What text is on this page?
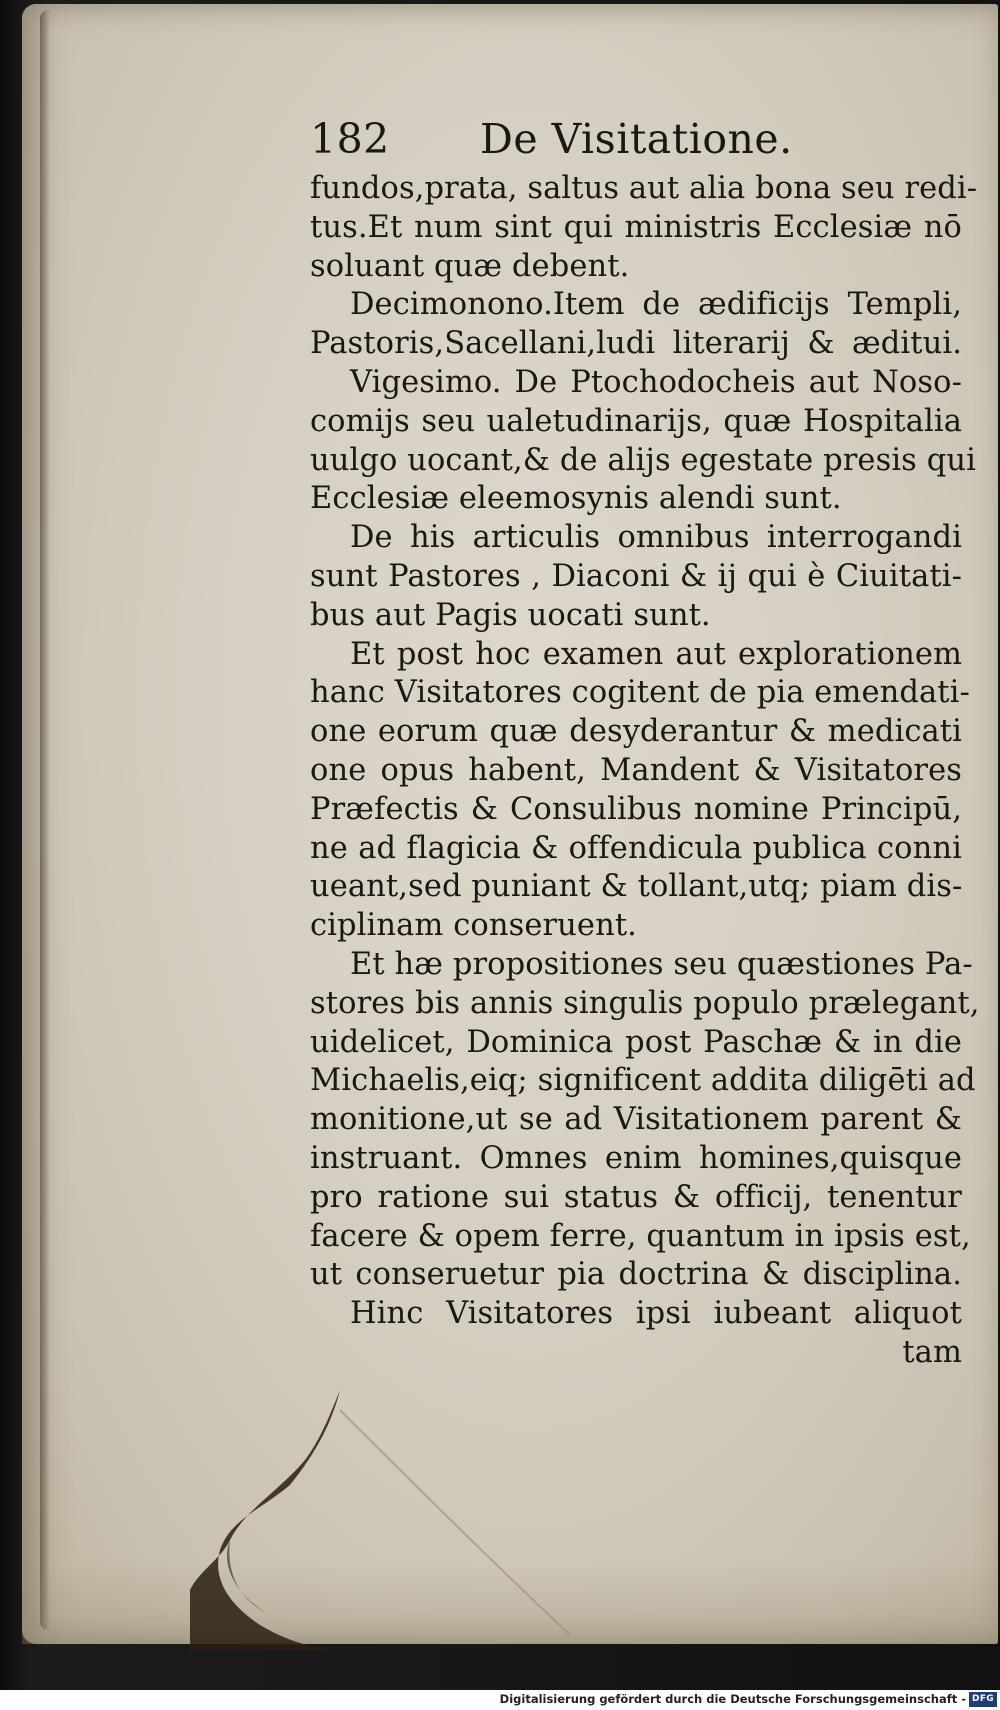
182 De Visitatione.
fundos,prata, saltus aut alia bona seu redi-
tus.Et num sint qui ministris Ecclesiæ nō
soluant quæ debent.
Decimonono.Item de ædificijs Templi,
Pastoris,Sacellani,ludi literarij & æditui.
Vigesimo. De Ptochodocheis aut Noso-
comijs seu ualetudinarijs, quæ Hospitalia
uulgo uocant,& de alijs egestate presis qui
Ecclesiæ eleemosynis alendi sunt.
De his articulis omnibus interrogandi
sunt Pastores , Diaconi & ij qui è Ciuitati-
bus aut Pagis uocati sunt.
Et post hoc examen aut explorationem
hanc Visitatores cogitent de pia emendati-
one eorum quæ desyderantur & medicati
one opus habent, Mandent & Visitatores
Præfectis & Consulibus nomine Principū,
ne ad flagicia & offendicula publica conni
ueant,sed puniant & tollant,utq; piam dis-
ciplinam conseruent.
Et hæ propositiones seu quæstiones Pa-
stores bis annis singulis populo prælegant,
uidelicet, Dominica post Paschæ & in die
Michaelis,eiq; significent addita diligēti ad
monitione,ut se ad Visitationem parent &
instruant. Omnes enim homines,quisque
pro ratione sui status & officij, tenentur
facere & opem ferre, quantum in ipsis est,
ut conseruetur pia doctrina & disciplina.
Hinc Visitatores ipsi iubeant aliquot
tam
Digitalisierung gefördert durch die Deutsche Forschungsgemeinschaft - DFG
